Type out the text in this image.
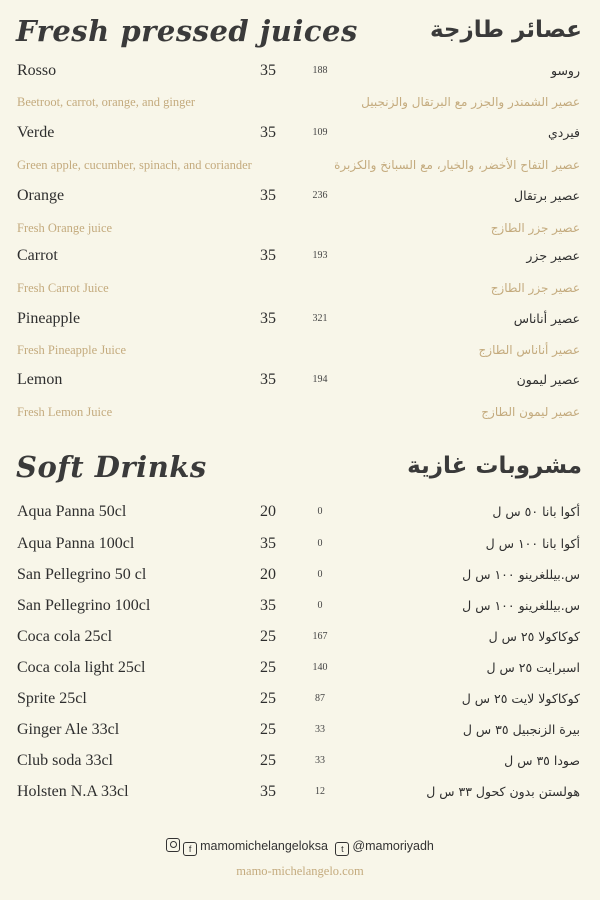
Fresh pressed juices	عصائر طازجة
Rosso	35	188	روسو
Beetroot, carrot, orange, and ginger	عصير الشمندر والجزر مع البرتقال والزنجبيل
Verde	35	109	فيردي
Green apple, cucumber, spinach, and coriander	عصير التفاح الأخضر، والخيار، مع السبانخ والكزبرة
Orange	35	236	عصير برتقال
Fresh Orange juice	عصير جزر الطازج
Carrot	35	193	عصير جزر
Fresh Carrot Juice	عصير جزر الطازج
Pineapple	35	321	عصير أناناس
Fresh Pineapple Juice	عصير أناناس الطازج
Lemon	35	194	عصير ليمون
Fresh Lemon Juice	عصير ليمون الطازج
Soft Drinks	مشروبات غازية
Aqua Panna 50cl	20	0	أكوا بانا ٥٠ س ل
Aqua Panna 100cl	35	0	أكوا بانا ١٠٠ س ل
San Pellegrino 50 cl	20	0	س.بيللغرينو ١٠٠ س ل
San Pellegrino 100cl	35	0	س.بيللغرينو ١٠٠ س ل
Coca cola 25cl	25	167	كوكاكولا ٢٥ س ل
Coca cola light 25cl	25	140	اسبرايت ٢٥ س ل
Sprite 25cl	25	87	كوكاكولا لايت ٢٥ س ل
Ginger Ale 33cl	25	33	بيرة الزنجبيل ٣٥ س ل
Club soda 33cl	25	33	صودا ٣٥ س ل
Holsten N.A 33cl	35	12	هولستن بدون كحول ٣٣ س ل
f mamomichelangeloksa t @mamoriyadh
mamo-michelangelo.com
